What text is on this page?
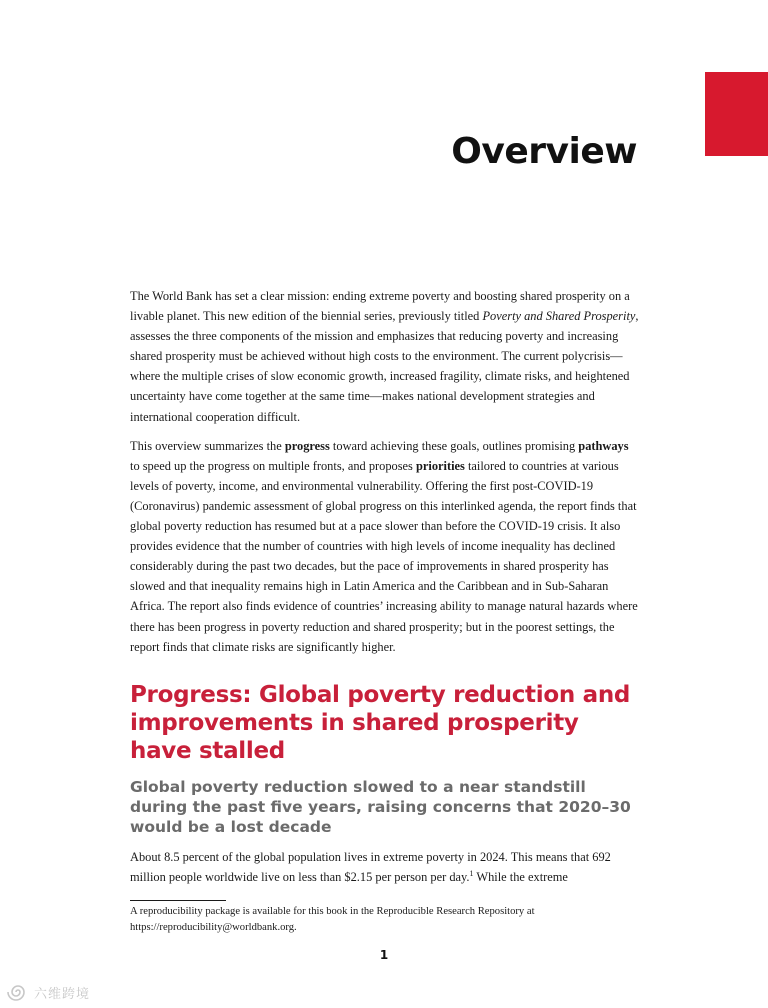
Overview

The World Bank has set a clear mission: ending extreme poverty and boosting shared prosperity on a livable planet. This new edition of the biennial series, previously titled Poverty and Shared Prosperity, assesses the three components of the mission and emphasizes that reducing poverty and increasing shared prosperity must be achieved without high costs to the environment. The current polycrisis—where the multiple crises of slow economic growth, increased fragility, climate risks, and heightened uncertainty have come together at the same time—makes national development strategies and international cooperation difficult.

This overview summarizes the progress toward achieving these goals, outlines promising pathways to speed up the progress on multiple fronts, and proposes priorities tailored to countries at various levels of poverty, income, and environmental vulnerability. Offering the first post-COVID-19 (Coronavirus) pandemic assessment of global progress on this interlinked agenda, the report finds that global poverty reduction has resumed but at a pace slower than before the COVID-19 crisis. It also provides evidence that the number of countries with high levels of income inequality has declined considerably during the past two decades, but the pace of improvements in shared prosperity has slowed and that inequality remains high in Latin America and the Caribbean and in Sub-Saharan Africa. The report also finds evidence of countries’ increasing ability to manage natural hazards where there has been progress in poverty reduction and shared prosperity; but in the poorest settings, the report finds that climate risks are significantly higher.

Progress: Global poverty reduction and improvements in shared prosperity have stalled
Global poverty reduction slowed to a near standstill during the past five years, raising concerns that 2020–30 would be a lost decade

About 8.5 percent of the global population lives in extreme poverty in 2024. This means that 692 million people worldwide live on less than $2.15 per person per day.$^1$ While the extreme

A reproducibility package is available for this book in the Reproducible Research Repository at https://reproducibility@worldbank.org.
1
六维跨境
